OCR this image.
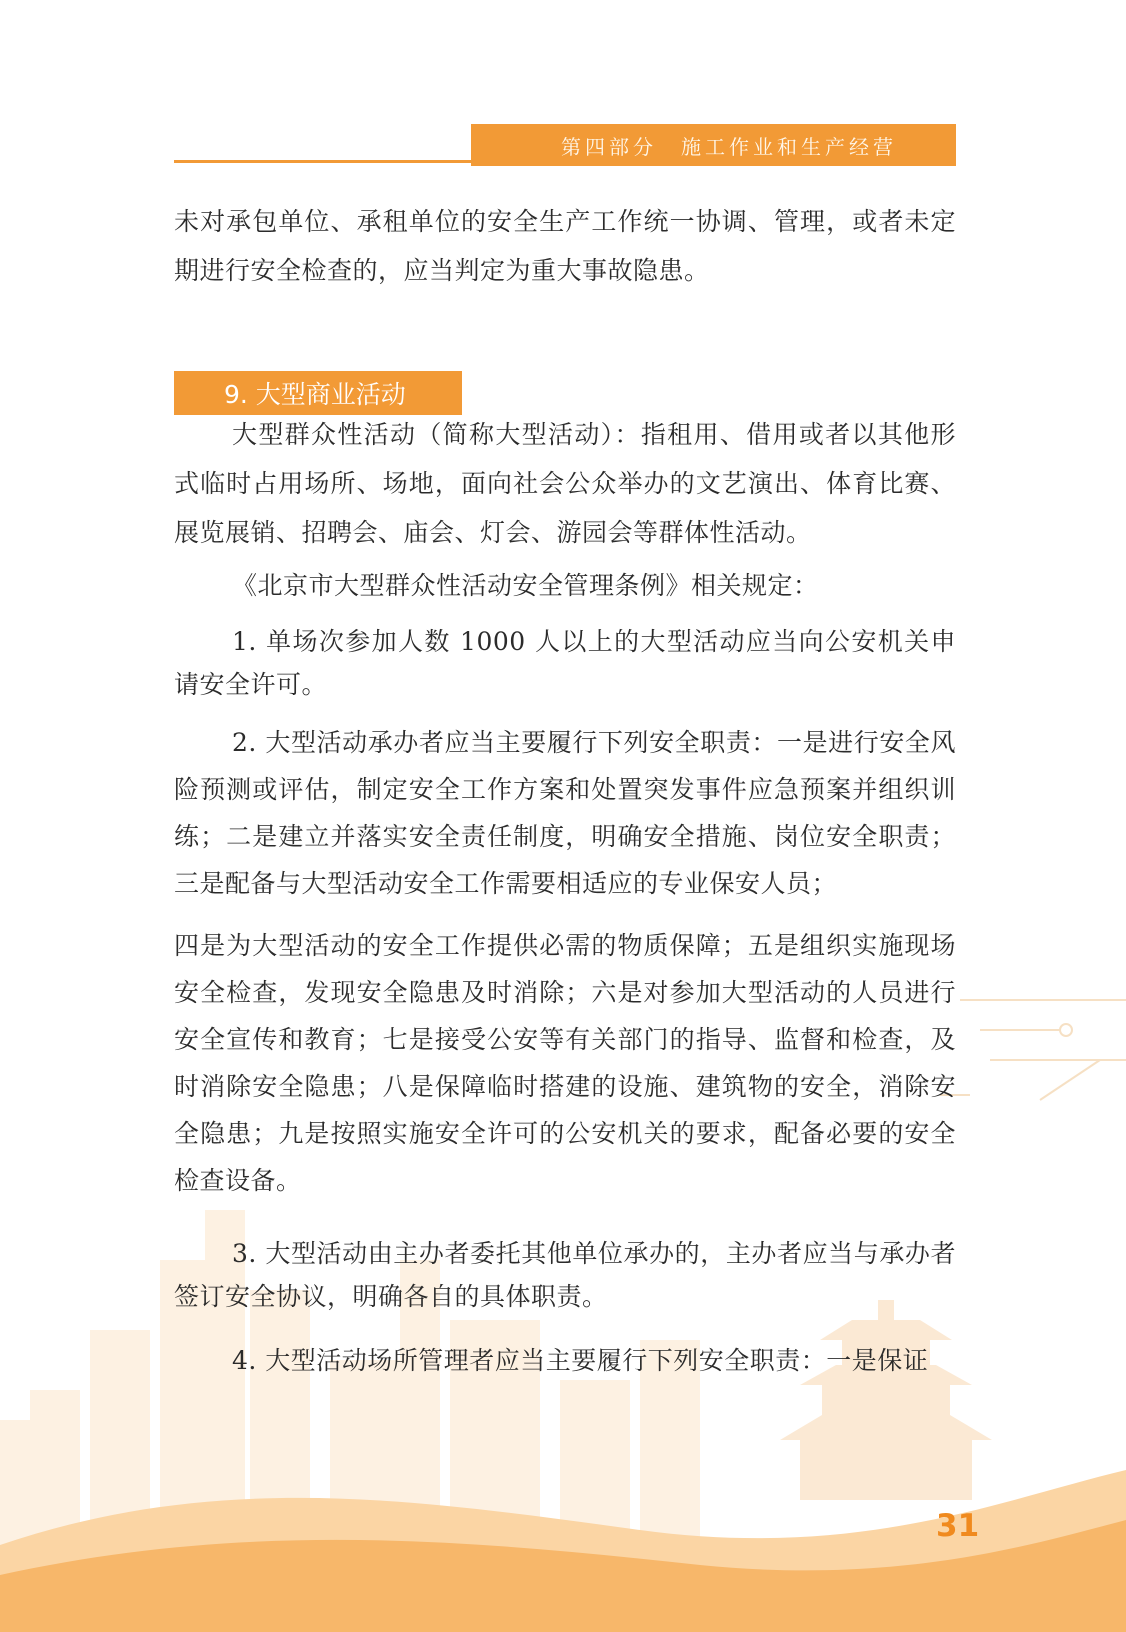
第四部分　施工作业和生产经营

未对承包单位、承租单位的安全生产工作统一协调、管理，或者未定期进行安全检查的，应当判定为重大事故隐患。

9. 大型商业活动

大型群众性活动（简称大型活动）：指租用、借用或者以其他形式临时占用场所、场地，面向社会公众举办的文艺演出、体育比赛、展览展销、招聘会、庙会、灯会、游园会等群体性活动。

《北京市大型群众性活动安全管理条例》相关规定：

1. 单场次参加人数 1000 人以上的大型活动应当向公安机关申请安全许可。

2. 大型活动承办者应当主要履行下列安全职责：一是进行安全风险预测或评估，制定安全工作方案和处置突发事件应急预案并组织训练；二是建立并落实安全责任制度，明确安全措施、岗位安全职责；三是配备与大型活动安全工作需要相适应的专业保安人员；

四是为大型活动的安全工作提供必需的物质保障；五是组织实施现场安全检查，发现安全隐患及时消除；六是对参加大型活动的人员进行安全宣传和教育；七是接受公安等有关部门的指导、监督和检查，及时消除安全隐患；八是保障临时搭建的设施、建筑物的安全，消除安全隐患；九是按照实施安全许可的公安机关的要求，配备必要的安全检查设备。

3. 大型活动由主办者委托其他单位承办的，主办者应当与承办者签订安全协议，明确各自的具体职责。

4. 大型活动场所管理者应当主要履行下列安全职责：一是保证

31
